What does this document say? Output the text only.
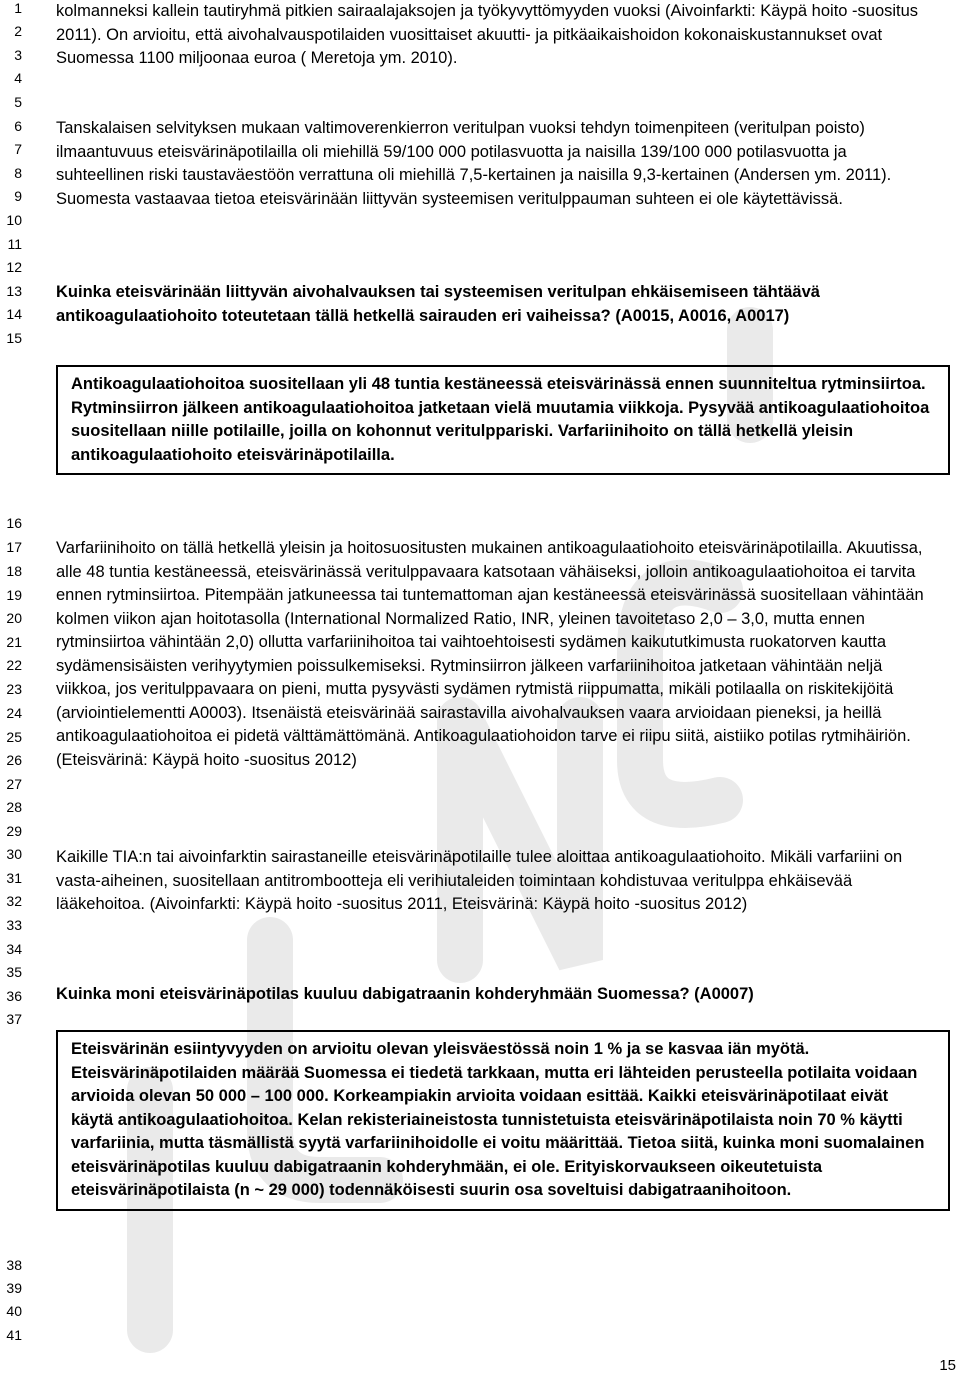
1
2
3
4
5
6
7
8
9
10
11
12
13
14
15
16
17
18
19
20
21
22
23
24
25
26
27
28
29
30
31
32
33
34
35
36
37
38
39
40
41

kolmanneksi kallein tautiryhmä pitkien sairaalajaksojen ja työkyvyttömyyden vuoksi (Aivoinfarkti: Käypä hoito -suositus 2011). On arvioitu, että aivohalvauspotilaiden vuosittaiset akuutti- ja pitkäaikaishoidon kokonaiskustannukset ovat Suomessa 1100 miljoonaa euroa ( Meretoja ym. 2010).

Tanskalaisen selvityksen mukaan valtimoverenkierron veritulpan vuoksi tehdyn toimenpiteen (veritulpan poisto) ilmaantuvuus eteisvärinäpotilailla oli miehillä 59/100 000 potilasvuotta ja naisilla 139/100 000 potilasvuotta ja suhteellinen riski taustaväestöön verrattuna oli miehillä 7,5-kertainen ja naisilla 9,3-kertainen (Andersen ym. 2011). Suomesta vastaavaa tietoa eteisvärinään liittyvän systeemisen veritulppauman suhteen ei ole käytettävissä.

Kuinka eteisvärinään liittyvän aivohalvauksen tai systeemisen veritulpan ehkäisemiseen tähtäävä antikoagulaatiohoito toteutetaan tällä hetkellä sairauden eri vaiheissa? (A0015, A0016, A0017)

Antikoagulaatiohoitoa suositellaan yli 48 tuntia kestäneessä eteisvärinässä ennen suunniteltua rytminsiirtoa. Rytminsiirron jälkeen antikoagulaatiohoitoa jatketaan vielä muutamia viikkoja. Pysyvää antikoagulaatiohoitoa suositellaan niille potilaille, joilla on kohonnut veritulppariski. Varfariinihoito on tällä hetkellä yleisin antikoagulaatiohoito eteisvärinäpotilailla.

Varfariinihoito on tällä hetkellä yleisin ja hoitosuositusten mukainen antikoagulaatiohoito eteisvärinäpotilailla. Akuutissa, alle 48 tuntia kestäneessä, eteisvärinässä veritulppavaara katsotaan vähäiseksi, jolloin antikoagulaatiohoitoa ei tarvita ennen rytminsiirtoa. Pitempään jatkuneessa tai tuntemattoman ajan kestäneessä eteisvärinässä suositellaan vähintään kolmen viikon ajan hoitotasolla (International Normalized Ratio, INR, yleinen tavoitetaso 2,0 – 3,0, mutta ennen rytminsiirtoa vähintään 2,0) ollutta varfariinihoitoa tai vaihtoehtoisesti sydämen kaikututkimusta ruokatorven kautta sydämensisäisten verihyytymien poissulkemiseksi. Rytminsiirron jälkeen varfariinihoitoa jatketaan vähintään neljä viikkoa, jos veritulppavaara on pieni, mutta pysyvästi sydämen rytmistä riippumatta, mikäli potilaalla on riskitekijöitä (arviointielementti A0003). Itsenäistä eteisvärinää sairastavilla aivohalvauksen vaara arvioidaan pieneksi, ja heillä antikoagulaatiohoitoa ei pidetä välttämättömänä. Antikoagulaatiohoidon tarve ei riipu siitä, aistiiko potilas rytmihäiriön. (Eteisvärinä: Käypä hoito -suositus 2012)

Kaikille TIA:n tai aivoinfarktin sairastaneille eteisvärinäpotilaille tulee aloittaa antikoagulaatiohoito. Mikäli varfariini on vasta-aiheinen, suositellaan antitrombootteja eli verihiutaleiden toimintaan kohdistuvaa veritulppa ehkäisevää lääkehoitoa. (Aivoinfarkti: Käypä hoito -suositus 2011, Eteisvärinä: Käypä hoito -suositus 2012)

Kuinka moni eteisvärinäpotilas kuuluu dabigatraanin kohderyhmään Suomessa? (A0007)

Eteisvärinän esiintyvyyden on arvioitu olevan yleisväestössä noin 1 % ja se kasvaa iän myötä. Eteisvärinäpotilaiden määrää Suomessa ei tiedetä tarkkaan, mutta eri lähteiden perusteella potilaita voidaan arvioida olevan 50 000 – 100 000. Korkeampiakin arvioita voidaan esittää. Kaikki eteisvärinäpotilaat eivät käytä antikoagulaatiohoitoa. Kelan rekisteriaineistosta tunnistetuista eteisvärinäpotilaista noin 70 % käytti varfariinia, mutta täsmällistä syytä varfariinihoidolle ei voitu määrittää. Tietoa siitä, kuinka moni suomalainen eteisvärinäpotilas kuuluu dabigatraanin kohderyhmään, ei ole. Erityiskorvaukseen oikeutetuista eteisvärinäpotilaista (n ~ 29 000) todennäköisesti suurin osa soveltuisi dabigatraanihoitoon.
15
